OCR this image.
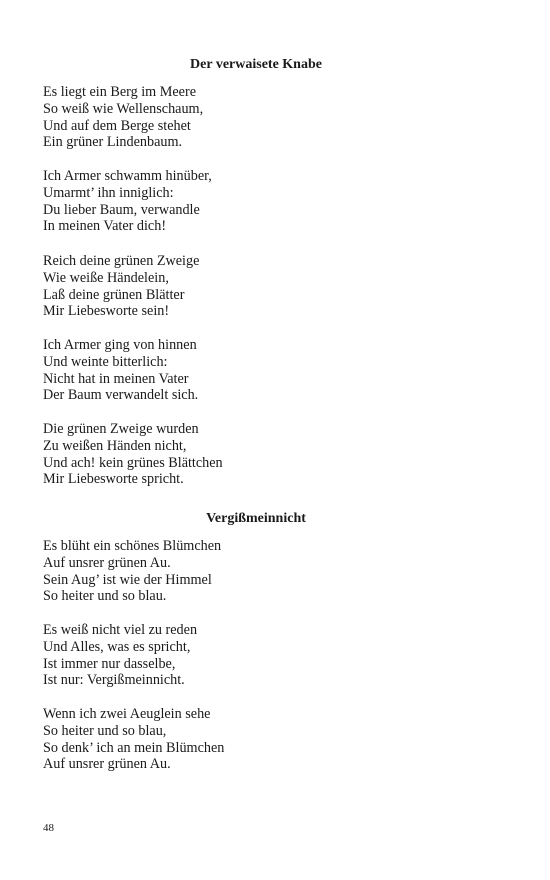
Der verwaisete Knabe
Es liegt ein Berg im Meere
So weiß wie Wellenschaum,
Und auf dem Berge stehet
Ein grüner Lindenbaum.
Ich Armer schwamm hinüber,
Umarmt’ ihn inniglich:
Du lieber Baum, verwandle
In meinen Vater dich!
Reich deine grünen Zweige
Wie weiße Händelein,
Laß deine grünen Blätter
Mir Liebesworte sein!
Ich Armer ging von hinnen
Und weinte bitterlich:
Nicht hat in meinen Vater
Der Baum verwandelt sich.
Die grünen Zweige wurden
Zu weißen Händen nicht,
Und ach! kein grünes Blättchen
Mir Liebesworte spricht.
Vergißmeinnicht
Es blüht ein schönes Blümchen
Auf unsrer grünen Au.
Sein Aug’ ist wie der Himmel
So heiter und so blau.
Es weiß nicht viel zu reden
Und Alles, was es spricht,
Ist immer nur dasselbe,
Ist nur: Vergißmeinnicht.
Wenn ich zwei Aeuglein sehe
So heiter und so blau,
So denk’ ich an mein Blümchen
Auf unsrer grünen Au.

48
